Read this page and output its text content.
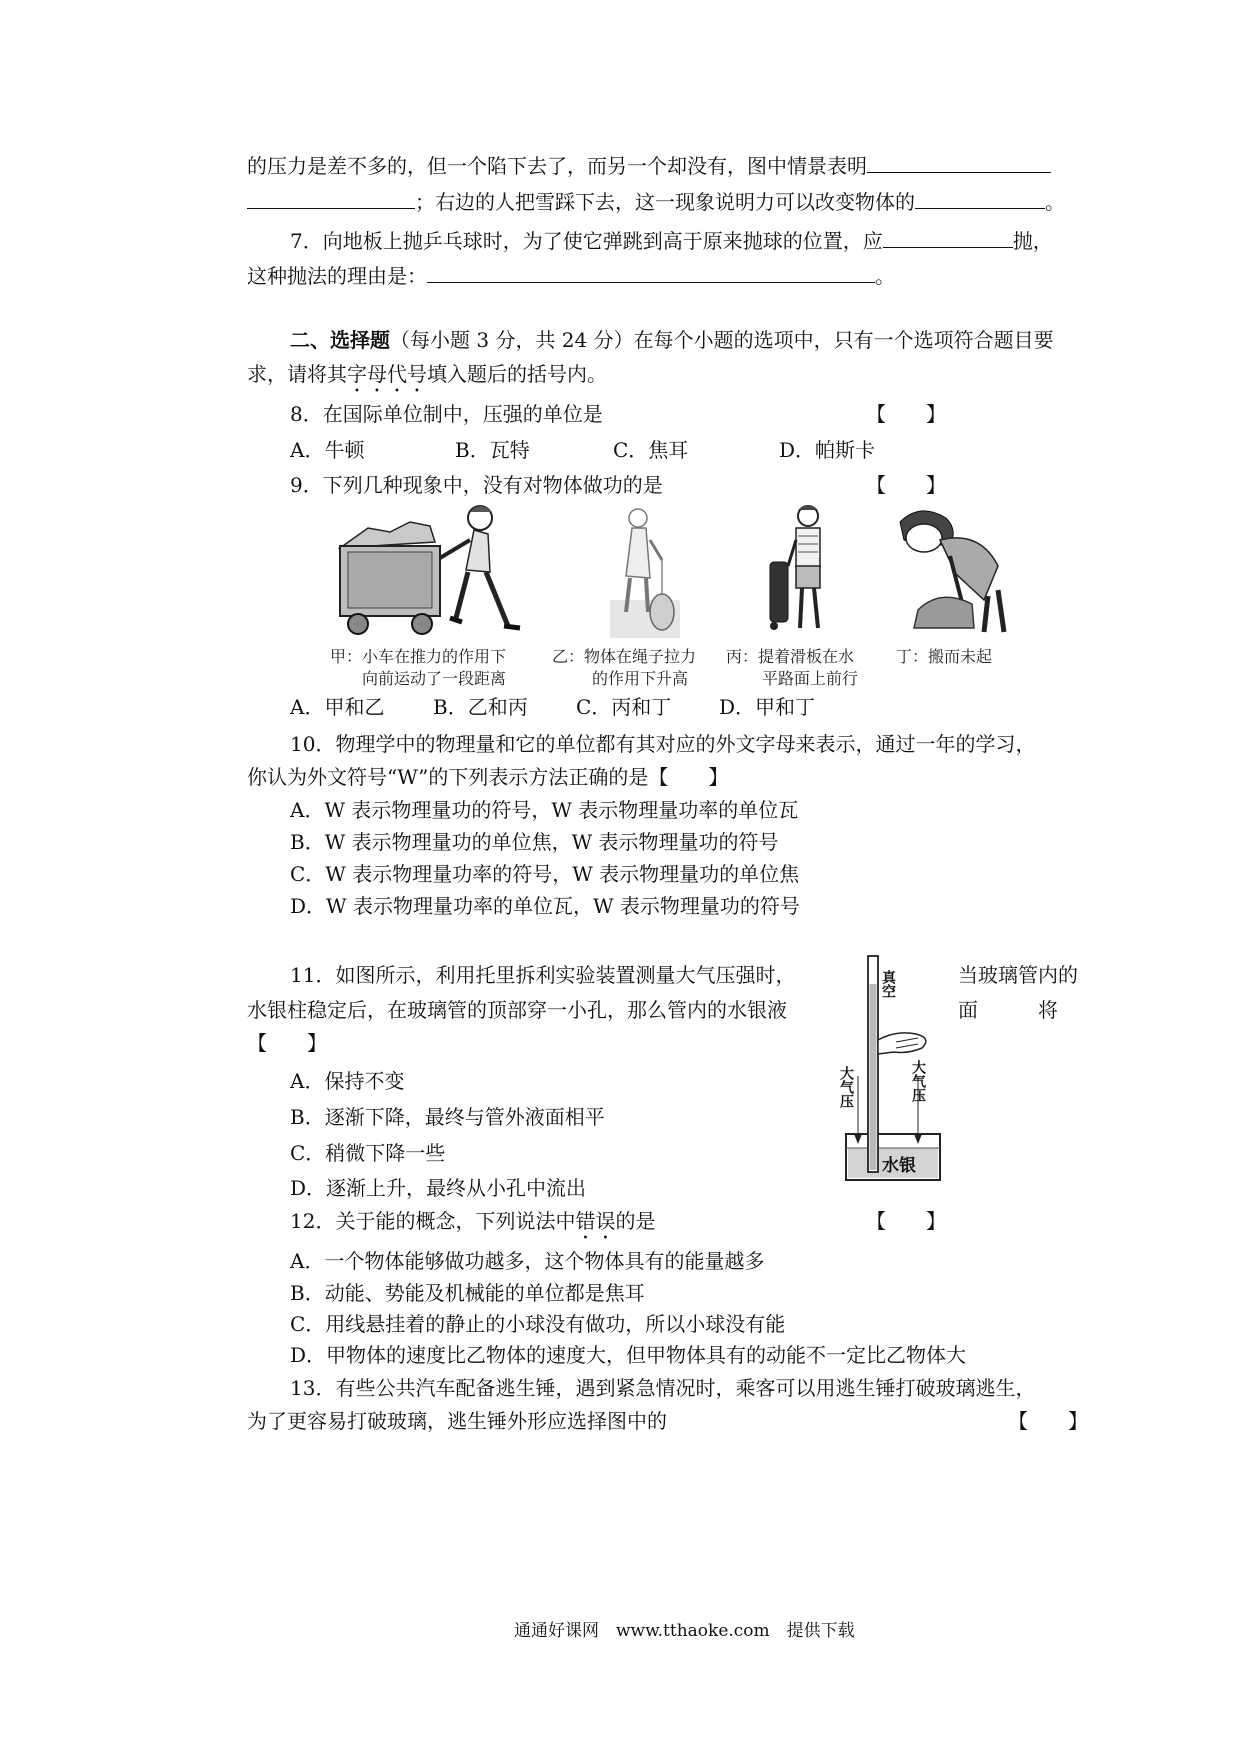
的压力是差不多的，但一个陷下去了，而另一个却没有，图中情景表明
；右边的人把雪踩下去，这一现象说明力可以改变物体的	。
7．向地板上抛乒乓球时，为了使它弹跳到高于原来抛球的位置，应	抛，
这种抛法的理由是：	。
二、选择题（每小题 3 分，共 24 分）在每个小题的选项中，只有一个选项符合题目要
求，请将其字母代号填入题后的括号内。
8．在国际单位制中，压强的单位是	【　　】
A．牛顿	B．瓦特	C．焦耳	D．帕斯卡
9．下列几种现象中，没有对物体做功的是	【　　】
甲：小车在推力的作用下
向前运动了一段距离
乙：物体在绳子拉力
的作用下升高
丙：提着滑板在水
平路面上前行
丁：搬而未起
A．甲和乙 B．乙和丙 C．丙和丁 D．甲和丁
10．物理学中的物理量和它的单位都有其对应的外文字母来表示，通过一年的学习，
你认为外文符号“W”的下列表示方法正确的是【　　】
A．W 表示物理量功的符号，W 表示物理量功率的单位瓦
B．W 表示物理量功的单位焦，W 表示物理量功的符号
C．W 表示物理量功率的符号，W 表示物理量功的单位焦
D．W 表示物理量功率的单位瓦，W 表示物理量功的符号
11．如图所示，利用托里拆利实验装置测量大气压强时，	当玻璃管内的
水银柱稳定后，在玻璃管的顶部穿一小孔，那么管内的水银液	面　　　将
【　　】
A．保持不变
B．逐渐下降，最终与管外液面相平
C．稍微下降一些
D．逐渐上升，最终从小孔中流出
真空
大气压	大气压
水银
12．关于能的概念，下列说法中错误的是	【　　】
A．一个物体能够做功越多，这个物体具有的能量越多
B．动能、势能及机械能的单位都是焦耳
C．用线悬挂着的静止的小球没有做功，所以小球没有能
D．甲物体的速度比乙物体的速度大，但甲物体具有的动能不一定比乙物体大
13．有些公共汽车配备逃生锤，遇到紧急情况时，乘客可以用逃生锤打破玻璃逃生，
为了更容易打破玻璃，逃生锤外形应选择图中的	【　　】
通通好课网　www.tthaoke.com　提供下载
